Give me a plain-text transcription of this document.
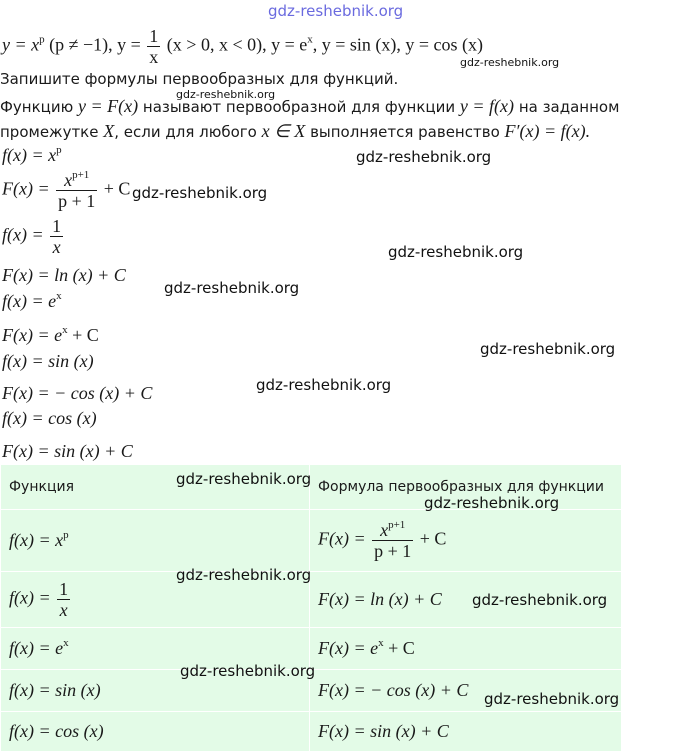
gdz-reshebnik.org
$y = x^p$ (p ≠ −1), $y = \frac{1}{x} (x > 0$, x < 0), $y = e^x$, y = sin (x), y = cos (x)
gdz-reshebnik.org
gdz-reshebnik.org
Запишите формулы первообразных для функций.
Функцию y = F(x) называют первообразной для функции y = f(x) на заданном
промежутке X, если для любого x ∈ X выполняется равенство F′(x) = f(x).
$f(x) = x^p$	gdz-reshebnik.org
$F(x) = \frac{x^{p+1}}{p + 1} + C$ gdz-reshebnik.org
$f(x) = \frac{1}{x}$	gdz-reshebnik.org
F(x) = ln (x) + C
gdz-reshebnik.org
$f(x) = e^x$
$F(x) = e^x + C$
f(x) = sin (x)
gdz-reshebnik.org
gdz-reshebnik.org
F(x) = − cos (x) + C
f(x) = cos (x)
F(x) = sin (x) + C
Функция	Формула первообразных для функции
$f(x) = x^p$	$F(x) = \frac{x^{p+1}}{p + 1} + C$
$f(x) = \frac{1}{x}$	F(x) = ln (x) + C
$f(x) = e^x$	$F(x) = e^x + C$
f(x) = sin (x)	F(x) = − cos (x) + C
f(x) = cos (x)	F(x) = sin (x) + C
gdz-reshebnik.org
gdz-reshebnik.org
gdz-reshebnik.org
gdz-reshebnik.org
gdz-reshebnik.org
gdz-reshebnik.org
